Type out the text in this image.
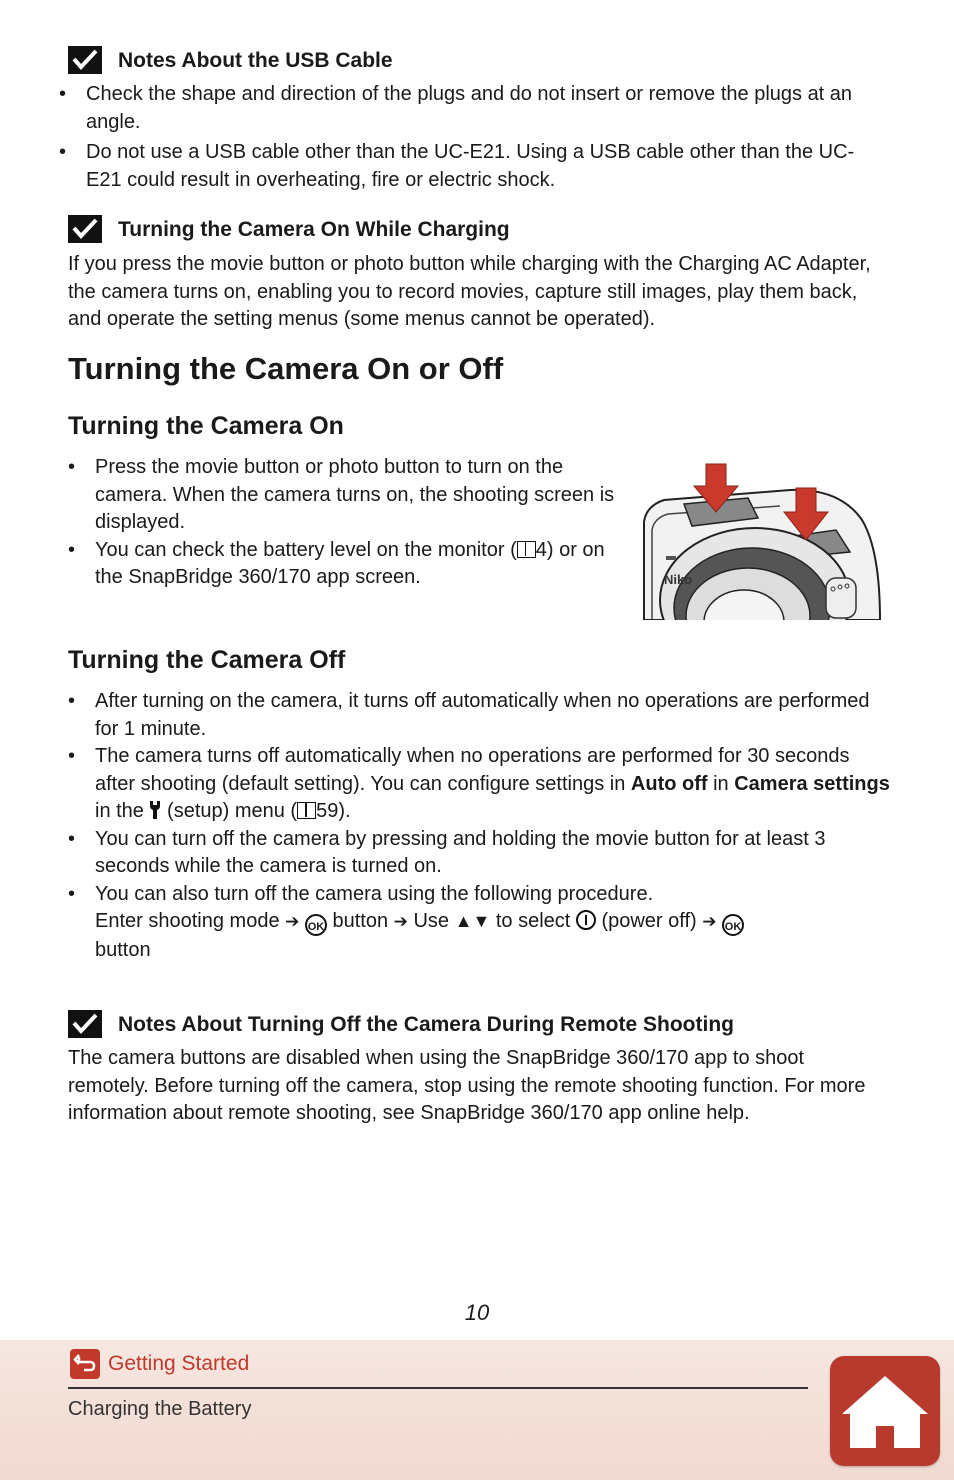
Notes About the USB Cable
• Check the shape and direction of the plugs and do not insert or remove the plugs at an angle.
• Do not use a USB cable other than the UC-E21. Using a USB cable other than the UC-E21 could result in overheating, fire or electric shock.
Turning the Camera On While Charging
If you press the movie button or photo button while charging with the Charging AC Adapter, the camera turns on, enabling you to record movies, capture still images, play them back, and operate the setting menus (some menus cannot be operated).
Turning the Camera On or Off
Turning the Camera On
• Press the movie button or photo button to turn on the camera. When the camera turns on, the shooting screen is displayed.
• You can check the battery level on the monitor ( 4) or on the SnapBridge 360/170 app screen.	Niko
Turning the Camera Off
• After turning on the camera, it turns off automatically when no operations are performed for 1 minute.
• The camera turns off automatically when no operations are performed for 30 seconds after shooting (default setting). You can configure settings in Auto off in Camera settings in the  (setup) menu ( 59).
• You can turn off the camera by pressing and holding the movie button for at least 3 seconds while the camera is turned on.
• You can also turn off the camera using the following procedure.
Enter shooting mode ➔ OK button ➔ Use ▲▼ to select (power off) ➔ OK
button
Notes About Turning Off the Camera During Remote Shooting
The camera buttons are disabled when using the SnapBridge 360/170 app to shoot remotely. Before turning off the camera, stop using the remote shooting function. For more information about remote shooting, see SnapBridge 360/170 app online help.
10
Getting Started
Charging the Battery
